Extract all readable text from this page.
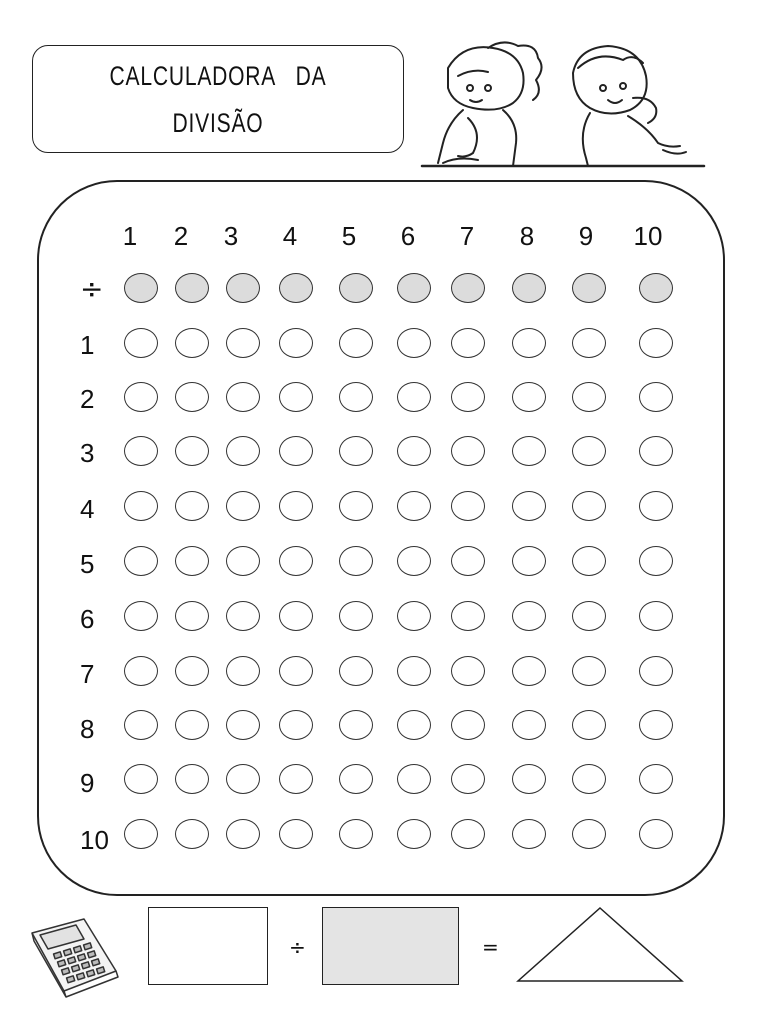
CALCULADORA DA
DIVISÃO
1 2 3 4 5 6 7 8 9 10
÷
1
2
3
4
5
6
7
8
9
10
÷	=
